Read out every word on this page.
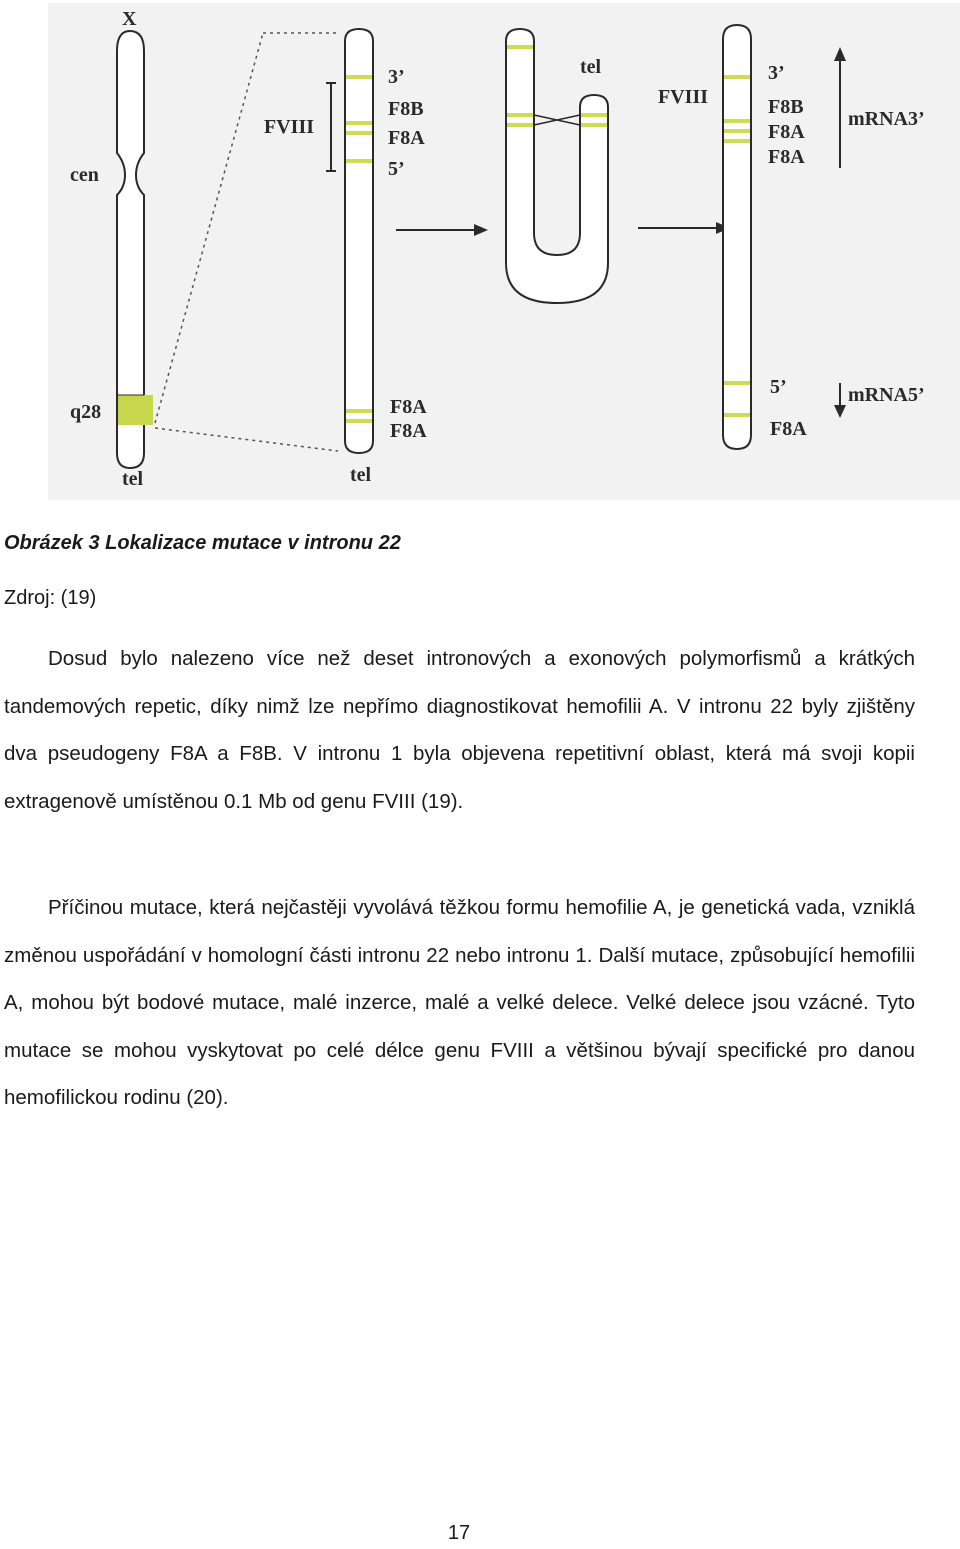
X
cen
q28
tel
FVIII
3’
F8B
F8A
5’
F8A
F8A
tel
tel
FVIII
3’
F8B
F8A
F8A
5’
F8A
mRNA3’
mRNA5’
Obrázek 3 Lokalizace mutace v intronu 22
Zdroj: (19)

Dosud bylo nalezeno více než deset intronových a exonových polymorfismů a krátkých tandemových repetic, díky nimž lze nepřímo diagnostikovat hemofilii A. V intronu 22 byly zjištěny dva pseudogeny F8A a F8B. V intronu 1 byla objevena repetitivní oblast, která má svoji kopii extragenově umístěnou 0.1 Mb od genu FVIII (19).

Příčinou mutace, která nejčastěji vyvolává těžkou formu hemofilie A, je genetická vada, vzniklá změnou uspořádání v homologní části intronu 22 nebo intronu 1. Další mutace, způsobující hemofilii A, mohou být bodové mutace, malé inzerce, malé a velké delece. Velké delece jsou vzácné. Tyto mutace se mohou vyskytovat po celé délce genu FVIII a většinou bývají specifické pro danou hemofilickou rodinu (20).

17
